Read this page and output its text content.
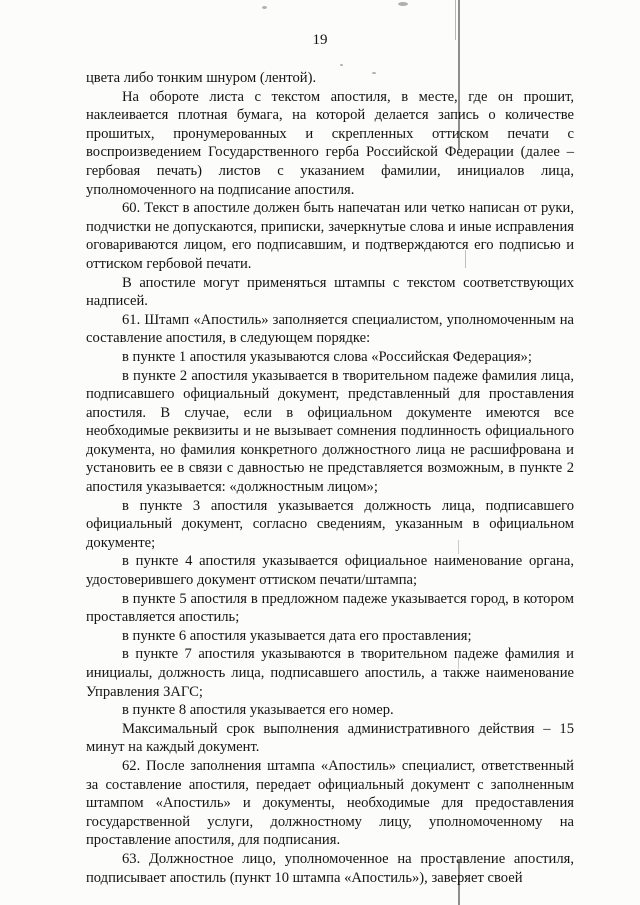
19

цвета либо тонким шнуром (лентой).

На обороте листа с текстом апостиля, в месте, где он прошит, наклеивается плотная бумага, на которой делается запись о количестве прошитых, пронумерованных и скрепленных оттиском печати с воспроизведением Государственного герба Российской Федерации (далее – гербовая печать) листов с указанием фамилии, инициалов лица, уполномоченного на подписание апостиля.

60. Текст в апостиле должен быть напечатан или четко написан от руки, подчистки не допускаются, приписки, зачеркнутые слова и иные исправления оговариваются лицом, его подписавшим, и подтверждаются его подписью и оттиском гербовой печати.

В апостиле могут применяться штампы с текстом соответствующих надписей.

61. Штамп «Апостиль» заполняется специалистом, уполномоченным на составление апостиля, в следующем порядке:

в пункте 1 апостиля указываются слова «Российская Федерация»;

в пункте 2 апостиля указывается в творительном падеже фамилия лица, подписавшего официальный документ, представленный для проставления апостиля. В случае, если в официальном документе имеются все необходимые реквизиты и не вызывает сомнения подлинность официального документа, но фамилия конкретного должностного лица не расшифрована и установить ее в связи с давностью не представляется возможным, в пункте 2 апостиля указывается: «должностным лицом»;

в пункте 3 апостиля указывается должность лица, подписавшего официальный документ, согласно сведениям, указанным в официальном документе;

в пункте 4 апостиля указывается официальное наименование органа, удостоверившего документ оттиском печати/штампа;

в пункте 5 апостиля в предложном падеже указывается город, в котором проставляется апостиль;

в пункте 6 апостиля указывается дата его проставления;

в пункте 7 апостиля указываются в творительном падеже фамилия и инициалы, должность лица, подписавшего апостиль, а также наименование Управления ЗАГС;

в пункте 8 апостиля указывается его номер.

Максимальный срок выполнения административного действия – 15 минут на каждый документ.

62. После заполнения штампа «Апостиль» специалист, ответственный за составление апостиля, передает официальный документ с заполненным штампом «Апостиль» и документы, необходимые для предоставления государственной услуги, должностному лицу, уполномоченному на проставление апостиля, для подписания.

63. Должностное лицо, уполномоченное на проставление апостиля, подписывает апостиль (пункт 10 штампа «Апостиль»), заверяет своей
